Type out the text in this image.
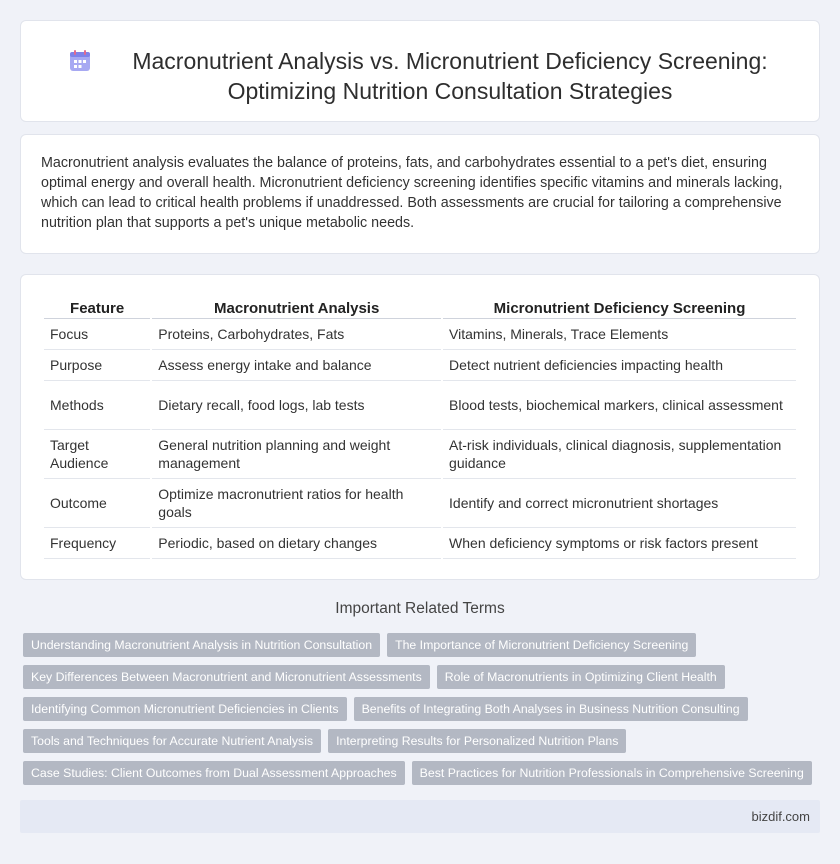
Macronutrient Analysis vs. Micronutrient Deficiency Screening: Optimizing Nutrition Consultation Strategies

Macronutrient analysis evaluates the balance of proteins, fats, and carbohydrates essential to a pet's diet, ensuring optimal energy and overall health. Micronutrient deficiency screening identifies specific vitamins and minerals lacking, which can lead to critical health problems if unaddressed. Both assessments are crucial for tailoring a comprehensive nutrition plan that supports a pet's unique metabolic needs.

Feature	Macronutrient Analysis	Micronutrient Deficiency Screening
Focus	Proteins, Carbohydrates, Fats	Vitamins, Minerals, Trace Elements
Purpose	Assess energy intake and balance	Detect nutrient deficiencies impacting health
Methods	Dietary recall, food logs, lab tests	Blood tests, biochemical markers, clinical assessment
Target Audience	General nutrition planning and weight management	At-risk individuals, clinical diagnosis, supplementation guidance
Outcome	Optimize macronutrient ratios for health goals	Identify and correct micronutrient shortages
Frequency	Periodic, based on dietary changes	When deficiency symptoms or risk factors present
Important Related Terms
Understanding Macronutrient Analysis in Nutrition Consultation	The Importance of Micronutrient Deficiency Screening
Key Differences Between Macronutrient and Micronutrient Assessments	Role of Macronutrients in Optimizing Client Health
Identifying Common Micronutrient Deficiencies in Clients	Benefits of Integrating Both Analyses in Business Nutrition Consulting
Tools and Techniques for Accurate Nutrient Analysis	Interpreting Results for Personalized Nutrition Plans
Case Studies: Client Outcomes from Dual Assessment Approaches	Best Practices for Nutrition Professionals in Comprehensive Screening
bizdif.com
